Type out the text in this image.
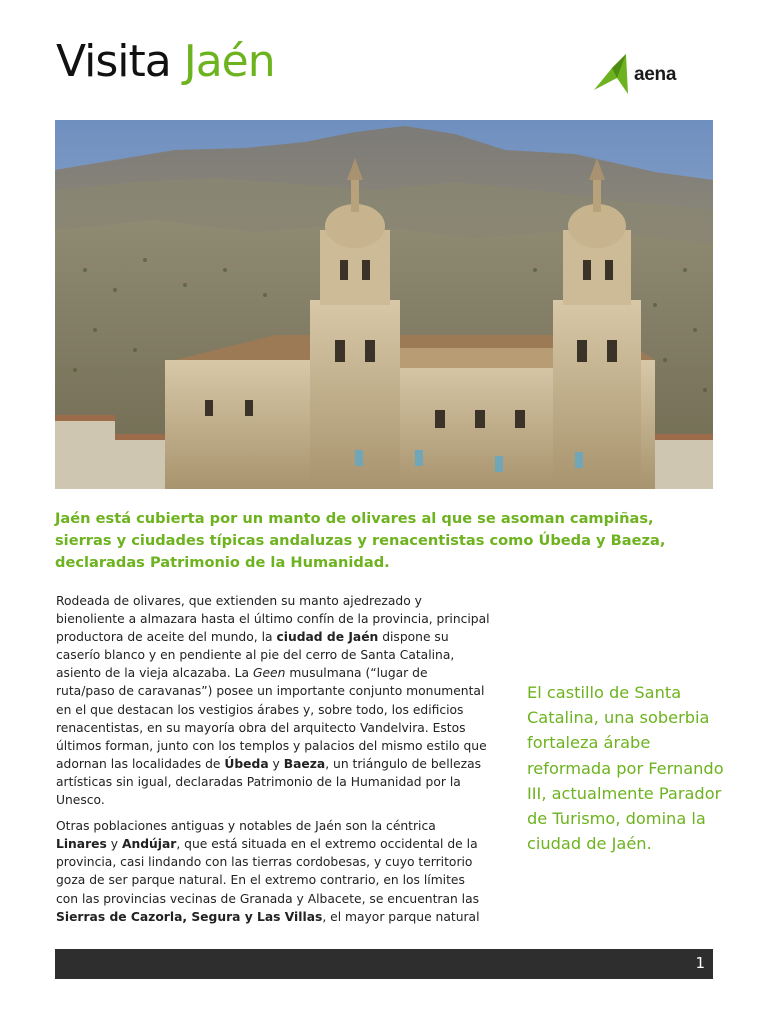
Visita Jaén	aena
Jaén está cubierta por un manto de olivares al que se asoman campiñas, sierras y ciudades típicas andaluzas y renacentistas como Úbeda y Baeza, declaradas Patrimonio de la Humanidad.

Rodeada de olivares, que extienden su manto ajedrezado y bienoliente a almazara hasta el último confín de la provincia, principal productora de aceite del mundo, la ciudad de Jaén dispone su caserío blanco y en pendiente al pie del cerro de Santa Catalina, asiento de la vieja alcazaba. La Geen musulmana (“lugar de ruta/paso de caravanas”) posee un importante conjunto monumental en el que destacan los vestigios árabes y, sobre todo, los edificios renacentistas, en su mayoría obra del arquitecto Vandelvira. Estos últimos forman, junto con los templos y palacios del mismo estilo que adornan las localidades de Úbeda y Baeza, un triángulo de bellezas artísticas sin igual, declaradas Patrimonio de la Humanidad por la Unesco.

Otras poblaciones antiguas y notables de Jaén son la céntrica Linares y Andújar, que está situada en el extremo occidental de la provincia, casi lindando con las tierras cordobesas, y cuyo territorio goza de ser parque natural. En el extremo contrario, en los límites con las provincias vecinas de Granada y Albacete, se encuentran las Sierras de Cazorla, Segura y Las Villas, el mayor parque natural

El castillo de Santa Catalina, una soberbia fortaleza árabe reformada por Fernando III, actualmente Parador de Turismo, domina la ciudad de Jaén.
1
